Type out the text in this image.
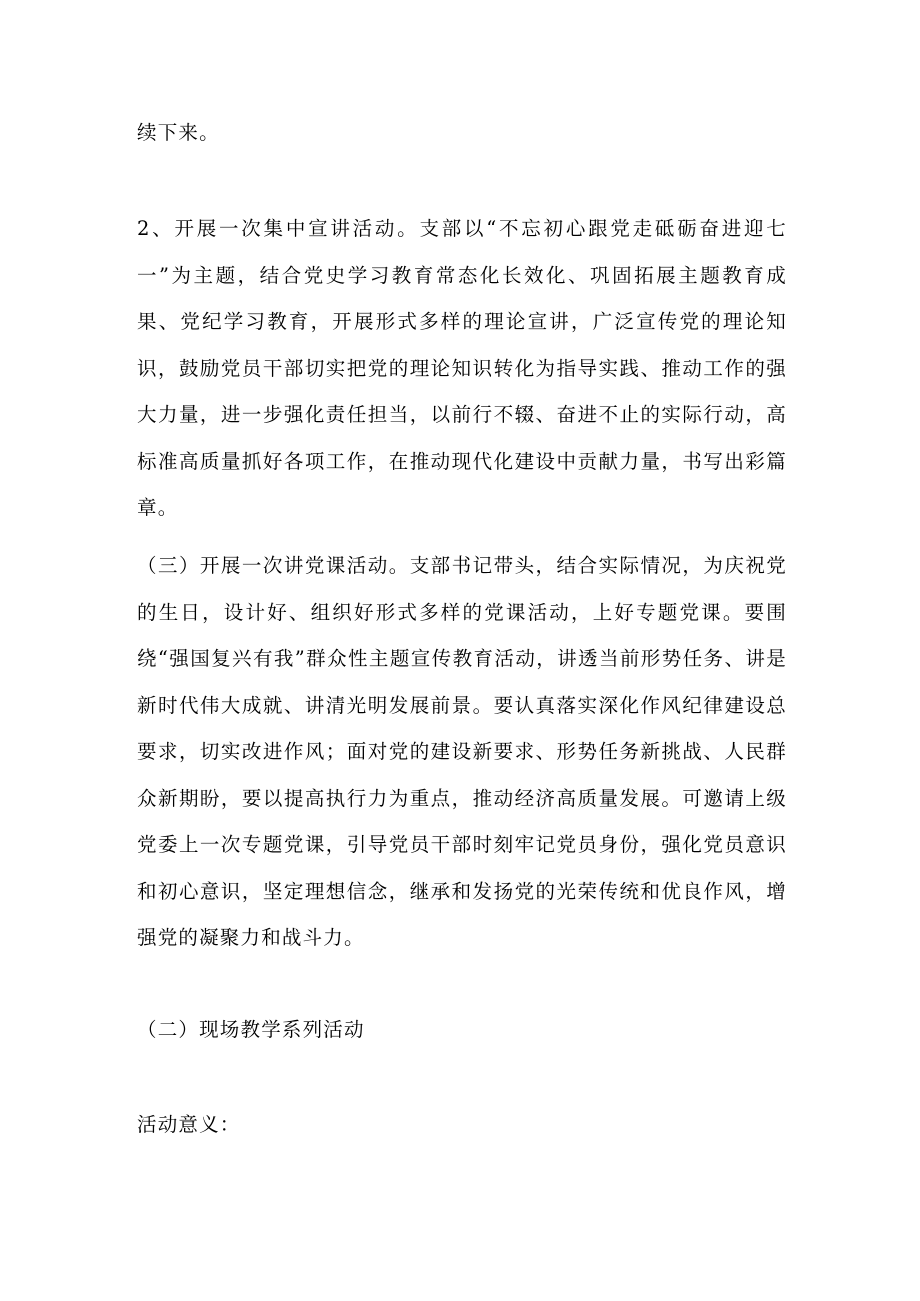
续下来。

2、开展一次集中宣讲活动。支部以“不忘初心跟党走砥砺奋进迎七一”为主题，结合党史学习教育常态化长效化、巩固拓展主题教育成果、党纪学习教育，开展形式多样的理论宣讲，广泛宣传党的理论知识，鼓励党员干部切实把党的理论知识转化为指导实践、推动工作的强大力量，进一步强化责任担当，以前行不辍、奋进不止的实际行动，高标准高质量抓好各项工作，在推动现代化建设中贡献力量，书写出彩篇章。

（三）开展一次讲党课活动。支部书记带头，结合实际情况，为庆祝党的生日，设计好、组织好形式多样的党课活动，上好专题党课。要围绕“强国复兴有我”群众性主题宣传教育活动，讲透当前形势任务、讲是新时代伟大成就、讲清光明发展前景。要认真落实深化作风纪律建设总要求，切实改进作风；面对党的建设新要求、形势任务新挑战、人民群众新期盼，要以提高执行力为重点，推动经济高质量发展。可邀请上级党委上一次专题党课，引导党员干部时刻牢记党员身份，强化党员意识和初心意识，坚定理想信念，继承和发扬党的光荣传统和优良作风，增强党的凝聚力和战斗力。

（二）现场教学系列活动

活动意义：
